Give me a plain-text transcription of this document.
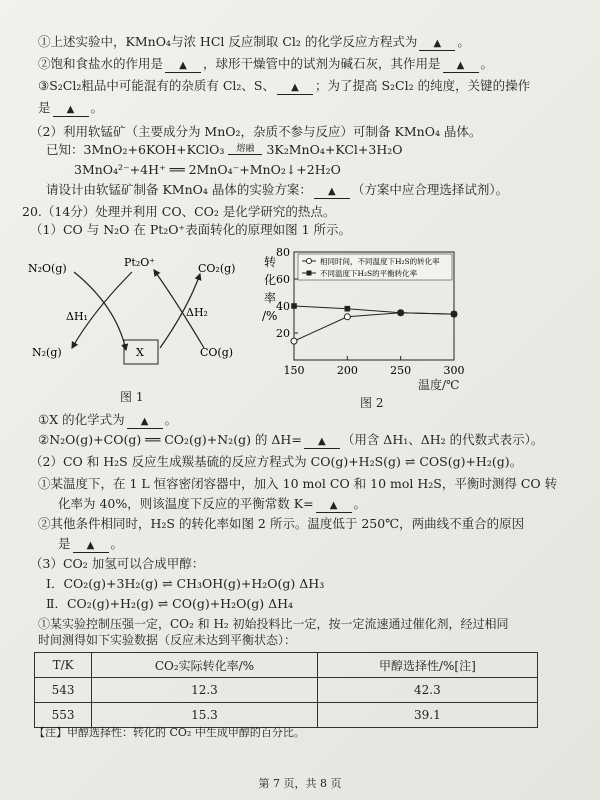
①上述实验中，KMnO₄与浓 HCl 反应制取 Cl₂ 的化学反应方程式为 ▲ 。
②饱和食盐水的作用是 ▲ ，球形干燥管中的试剂为碱石灰，其作用是 ▲ 。
③S₂Cl₂粗品中可能混有的杂质有 Cl₂、S、 ▲ ；为了提高 S₂Cl₂ 的纯度，关键的操作
是 ▲ 。
（2）利用软锰矿（主要成分为 MnO₂，杂质不参与反应）可制备 KMnO₄ 晶体。
已知：3MnO₂+6KOH+KClO₃	熔融 3K₂MnO₄+KCl+3H₂O
3MnO₄²⁻+4H⁺ ══ 2MnO₄⁻+MnO₂↓+2H₂O
请设计由软锰矿制备 KMnO₄ 晶体的实验方案： ▲ （方案中应合理选择试剂）。
20.（14分）处理并利用 CO、CO₂ 是化学研究的热点。
（1）CO 与 N₂O 在 Pt₂O⁺表面转化的原理如图 1 所示。
N₂O(g)	Pt₂O⁺	CO₂(g)
ΔH₁	ΔH₂
N₂(g)	X	CO(g)
图 1
转
化
率
/%
20
40
60
80
150	200	250	300
相同时间，不同温度下H₂S的转化率
不同温度下H₂S的平衡转化率
温度/℃
图 2
①X 的化学式为 ▲ 。
②N₂O(g)+CO(g) ══ CO₂(g)+N₂(g) 的 ΔH= ▲ （用含 ΔH₁、ΔH₂ 的代数式表示）。
（2）CO 和 H₂S 反应生成羰基硫的反应方程式为 CO(g)+H₂S(g) ⇌ COS(g)+H₂(g)。
①某温度下，在 1 L 恒容密闭容器中，加入 10 mol CO 和 10 mol H₂S，平衡时测得 CO 转
化率为 40%，则该温度下反应的平衡常数 K= ▲ 。
②其他条件相同时，H₂S 的转化率如图 2 所示。温度低于 250℃，两曲线不重合的原因
是 ▲ 。
（3）CO₂ 加氢可以合成甲醇：
Ⅰ．CO₂(g)+3H₂(g) ⇌ CH₃OH(g)+H₂O(g) ΔH₃
Ⅱ．CO₂(g)+H₂(g) ⇌ CO(g)+H₂O(g) ΔH₄
①某实验控制压强一定，CO₂ 和 H₂ 初始投料比一定，按一定流速通过催化剂，经过相同
时间测得如下实验数据（反应未达到平衡状态）：
T/K	CO₂实际转化率/%	甲醇选择性/%[注]
543	12.3	42.3
553	15.3	39.1
【注】甲醇选择性：转化的 CO₂ 中生成甲醇的百分比。
第 7 页，共 8 页
